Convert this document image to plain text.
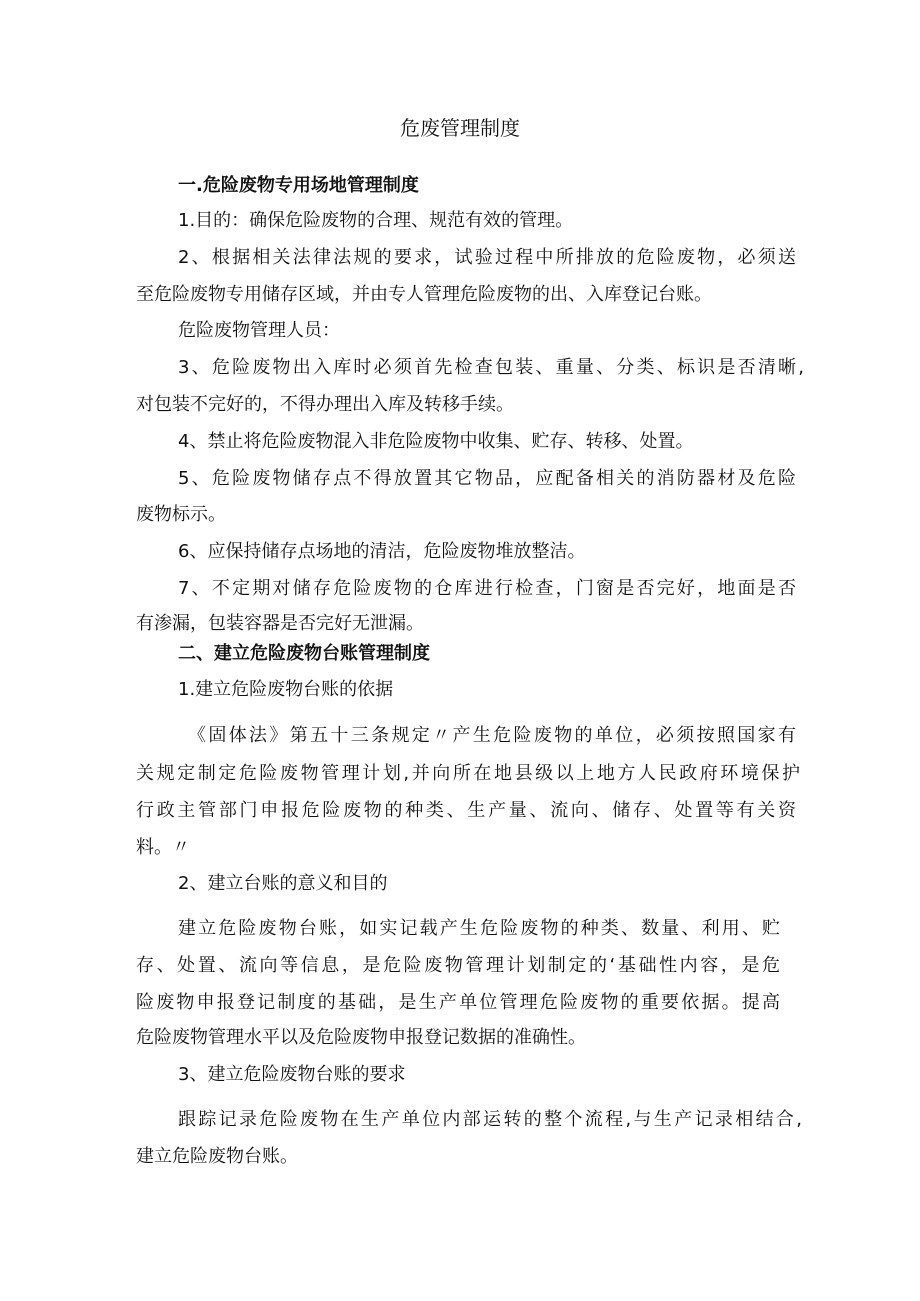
危废管理制度
一.危险废物专用场地管理制度
1.目的：确保危险废物的合理、规范有效的管理。
2、根据相关法律法规的要求，试验过程中所排放的危险废物，必须送
至危险废物专用储存区域，并由专人管理危险废物的出、入库登记台账。
危险废物管理人员：
3、危险废物出入库时必须首先检查包装、重量、分类、标识是否清晰,
对包装不完好的，不得办理出入库及转移手续。
4、禁止将危险废物混入非危险废物中收集、贮存、转移、处置。
5、危险废物储存点不得放置其它物品，应配备相关的消防器材及危险
废物标示。
6、应保持储存点场地的清洁，危险废物堆放整洁。
7、不定期对储存危险废物的仓库进行检查，门窗是否完好，地面是否
有渗漏，包装容器是否完好无泄漏。
二、建立危险废物台账管理制度
1.建立危险废物台账的依据
《固体法》第五十三条规定〃产生危险废物的单位，必须按照国家有
关规定制定危险废物管理计划,并向所在地县级以上地方人民政府环境保护
行政主管部门申报危险废物的种类、生产量、流向、储存、处置等有关资
料。〃
2、建立台账的意义和目的
建立危险废物台账，如实记载产生危险废物的种类、数量、利用、贮
存、处置、流向等信息，是危险废物管理计划制定的‘基础性内容，是危
险废物申报登记制度的基础，是生产单位管理危险废物的重要依据。提高
危险废物管理水平以及危险废物申报登记数据的准确性。
3、建立危险废物台账的要求
跟踪记录危险废物在生产单位内部运转的整个流程,与生产记录相结合,
建立危险废物台账。
